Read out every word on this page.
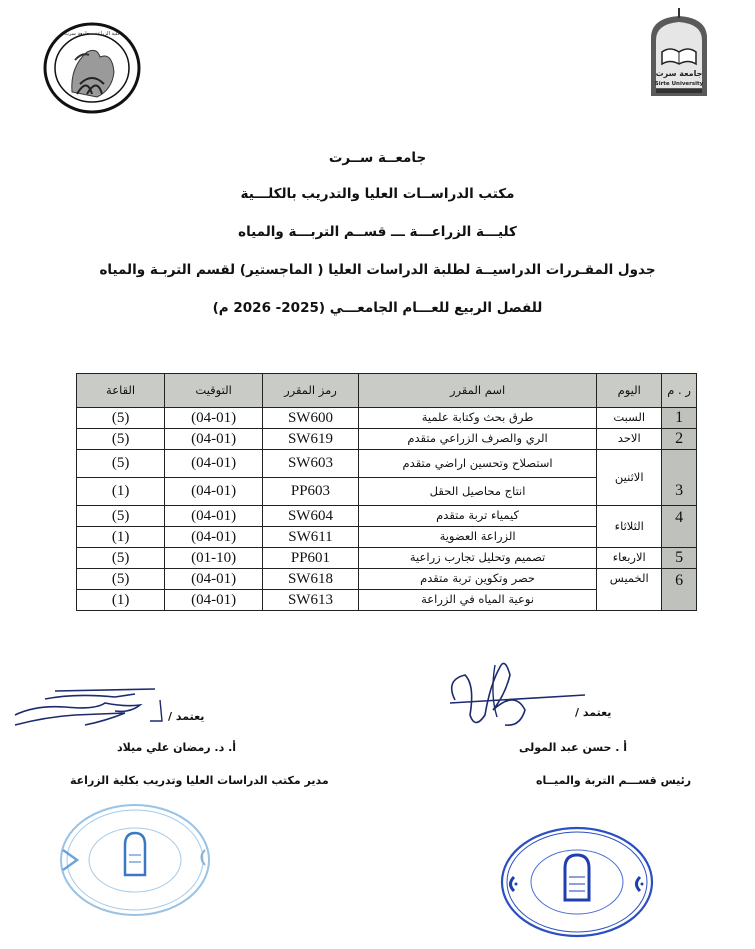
كلية الزراعة - جامعة سرت
جامعة سرت
Sirte University
جامعــة ســرت
مكتب الدراســات العليا والتدريب بالكلـــية
كليـــة الزراعـــة ـــ قســم التربـــة والمياه
جدول المقـررات الدراسيــة لطلبة الدراسات العليا ( الماجستير) لقسم التربـة والمياه
للفصل الربيع للعـــام الجامعـــي (2025- 2026 م)
ر . م	اليوم	اسم المقرر	رمز المقرر	التوقيت	القاعة
1	السبت	طرق بحث وكتابة علمية	SW600	(04-01)	(5)
2	الاحد	الري والصرف الزراعي متقدم	SW619	(04-01)	(5)
3	الاثنين	استصلاح وتحسين اراضي متقدم	SW603	(04-01)	(5)
		انتاج محاصيل الحقل	PP603	(04-01)	(1)
4	الثلاثاء	كيمياء تربة متقدم	SW604	(04-01)	(5)
		الزراعة العضوية	SW611	(04-01)	(1)
5	الاربعاء	تصميم وتحليل تجارب زراعية	PP601	(01-10)	(5)
6	الخميس	حصر وتكوين تربة متقدم	SW618	(04-01)	(5)
		نوعية المياه في الزراعة	SW613	(04-01)	(1)
يعتمد /
أ. د. رمضان علي ميلاد
مدير مكتب الدراسات العليا وتدريب بكلية الزراعة
يعتمد /
أ . حسن عبد المولى
رئيس قســـم التربة والميــاه
